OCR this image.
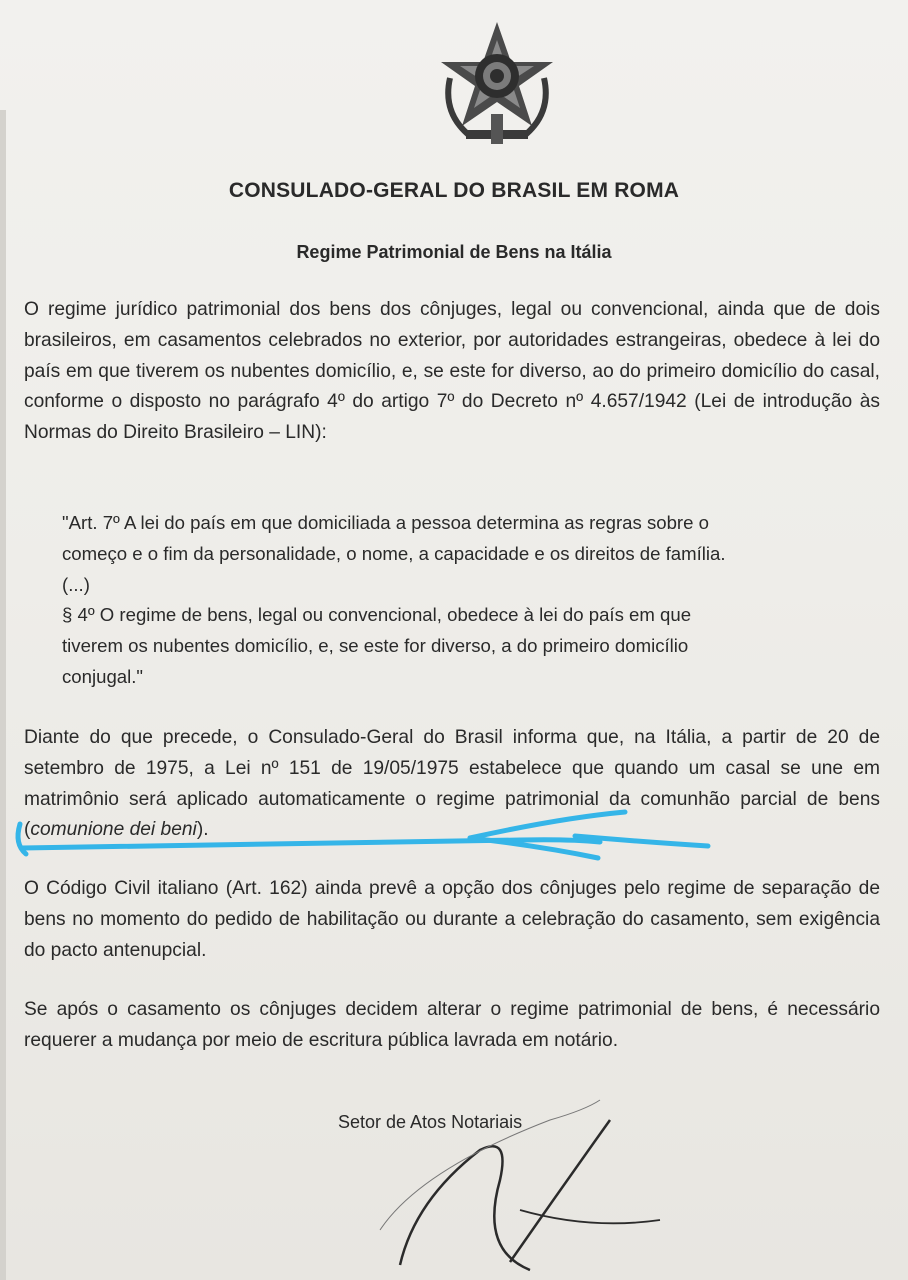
CONSULADO-GERAL DO BRASIL EM ROMA
Regime Patrimonial de Bens na Itália

O regime jurídico patrimonial dos bens dos cônjuges, legal ou convencional, ainda que de dois brasileiros, em casamentos celebrados no exterior, por autoridades estrangeiras, obedece à lei do país em que tiverem os nubentes domicílio, e, se este for diverso, ao do primeiro domicílio do casal, conforme o disposto no parágrafo 4º do artigo 7º do Decreto nº 4.657/1942 (Lei de introdução às Normas do Direito Brasileiro – LIN):

"Art. 7º A lei do país em que domiciliada a pessoa determina as regras sobre o
começo e o fim da personalidade, o nome, a capacidade e os direitos de família.
(...)
§ 4º O regime de bens, legal ou convencional, obedece à lei do país em que
tiverem os nubentes domicílio, e, se este for diverso, a do primeiro domicílio
conjugal."

Diante do que precede, o Consulado-Geral do Brasil informa que, na Itália, a partir de 20 de setembro de 1975, a Lei nº 151 de 19/05/1975 estabelece que quando um casal se une em matrimônio será aplicado automaticamente o regime patrimonial da comunhão parcial de bens (comunione dei beni).

O Código Civil italiano (Art. 162) ainda prevê a opção dos cônjuges pelo regime de separação de bens no momento do pedido de habilitação ou durante a celebração do casamento, sem exigência do pacto antenupcial.

Se após o casamento os cônjuges decidem alterar o regime patrimonial de bens, é necessário requerer a mudança por meio de escritura pública lavrada em notário.

Setor de Atos Notariais
